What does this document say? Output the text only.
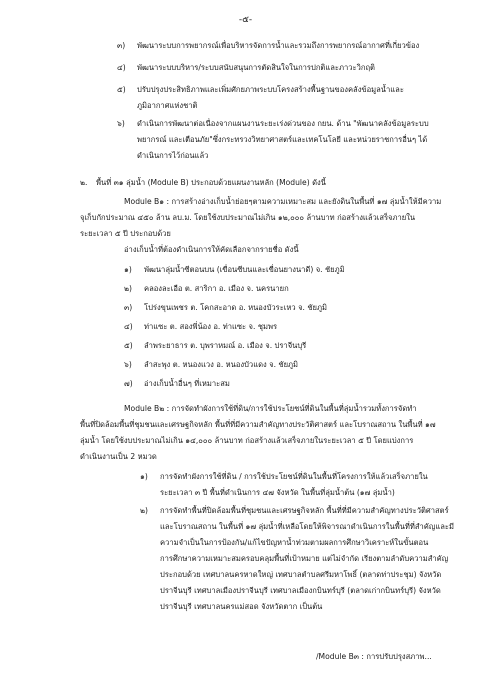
-๕-
๓) พัฒนาระบบการพยากรณ์เพื่อบริหารจัดการน้ำและรวมถึงการพยากรณ์อากาศที่เกี่ยวข้อง
๔) พัฒนาระบบบริหาร/ระบบสนับสนุนการตัดสินใจในการปกติและภาวะวิกฤติ
๕) ปรับปรุงประสิทธิภาพและเพิ่มศักยภาพระบบโครงสร้างพื้นฐานของคลังข้อมูลน้ำและ
ภูมิอากาศแห่งชาติ
๖) ดำเนินการพัฒนาต่อเนื่องจากแผนงานระยะเร่งด่วนของ กยน. ด้าน "พัฒนาคลังข้อมูลระบบ
พยากรณ์ และเตือนภัย"ซึ่งกระทรวงวิทยาศาสตร์และเทคโนโลยี และหน่วยราชการอื่นๆ ได้
ดำเนินการไว้ก่อนแล้ว
๒. พื้นที่ ๓๑ ลุ่มน้ำ (Module B) ประกอบด้วยแผนงานหลัก (Module) ดังนี้
Module B๑ : การสร้างอ่างเก็บน้ำย่อยๆตามความเหมาะสม และยังดินในพื้นที่ ๑๗ ลุ่มน้ำให้มีความ
จุเก็บกักประมาณ ๔๕๐ ล้าน ลบ.ม. โดยใช้งบประมาณไม่เกิน ๑๒,๐๐๐ ล้านบาท ก่อสร้างแล้วเสร็จภายใน
ระยะเวลา ๕ ปี ประกอบด้วย
อ่างเก็บน้ำที่ต้องดำเนินการให้คัดเลือกจากรายชื่อ ดังนี้
๑) พัฒนาลุ่มน้ำซีตอนบน (เขื่อนซีบนและเขื่อนยางนาดี) จ. ชัยภูมิ
๒) คลองละเอือ ต. สาริกา อ. เมือง จ. นครนายก
๓) โปร่งขุนเพชร ต. โคกสะอาด อ. หนองบัวระเหว จ. ชัยภูมิ
๔) ท่าแซะ ต. สองพี่น้อง อ. ท่าแซะ จ. ชุมพร
๕) ลำพระยาธาร ต. บุพราหมณ์ อ. เมือง จ. ปราจีนบุรี
๖) ลำสะพุง ต. หนองแวง อ. หนองบัวแดง จ. ชัยภูมิ
๗) อ่างเก็บน้ำอื่นๆ ที่เหมาะสม
Module B๒ : การจัดทำผังการใช้ที่ดิน/การใช้ประโยชน์ที่ดินในพื้นที่ลุ่มน้ำรวมทั้งการจัดทำ
พื้นที่ปิดล้อมพื้นที่ชุมชนและเศรษฐกิจหลัก พื้นที่ที่มีความสำคัญทางประวัติศาสตร์ และโบราณสถาน ในพื้นที่ ๑๗
ลุ่มน้ำ โดยใช้งบประมาณไม่เกิน ๑๔,๐๐๐ ล้านบาท ก่อสร้างแล้วเสร็จภายในระยะเวลา ๕ ปี โดยแบ่งการ
ดำเนินงานเป็น 2 หมวด
๑) การจัดทำผังการใช้ที่ดิน / การใช้ประโยชน์ที่ดินในพื้นที่โครงการให้แล้วเสร็จภายใน
ระยะเวลา ๓ ปี พื้นที่ดำเนินการ ๔๗ จังหวัด ในพื้นที่ลุ่มน้ำต้น (๑๗ ลุ่มน้ำ)
๒) การจัดทำพื้นที่ปิดล้อมพื้นที่ชุมชนและเศรษฐกิจหลัก พื้นที่ที่มีความสำคัญทางประวัติศาสตร์
และโบราณสถาน ในพื้นที่ ๑๗ ลุ่มน้ำที่เหลือโดยให้พิจารณาดำเนินการในพื้นที่ที่สำคัญและมี
ความจำเป็นในการป้องกัน/แก้ไขปัญหาน้ำท่วมตามผลการศึกษาวิเคราะห์ในขั้นตอน
การศึกษาความเหมาะสมครอบคลุมพื้นที่เป้าหมาย แต่ไม่จำกัด เรียงตามลำดับความสำคัญ
ประกอบด้วย เทศบาลนครหาดใหญ่ เทศบาลตำบลศรีมหาโพธิ์ (ตลาดท่าประชุม) จังหวัด
ปราจีนบุรี เทศบาลเมืองปราจีนบุรี เทศบาลเมืองกบินทร์บุรี (ตลาดเก่ากบินทร์บุรี) จังหวัด
ปราจีนบุรี เทศบาลนครแม่สอด จังหวัดตาก เป็นต้น
/Module B๓ : การปรับปรุงสภาพ...
